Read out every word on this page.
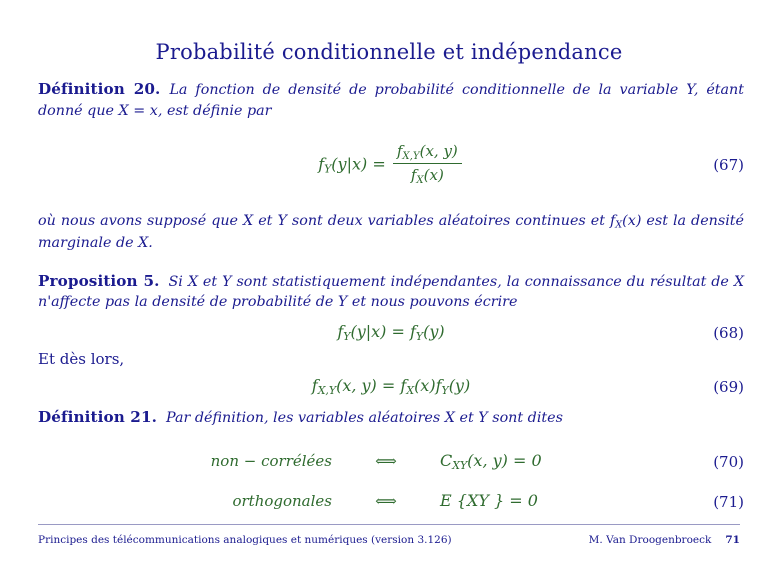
Probabilité conditionnelle et indépendance
Définition 20. La fonction de densité de probabilité conditionnelle de la variable Y, étant donné que X = x, est définie par
$f_Y(y|x) = \frac{f_{X,Y}(x, y)}{f_X(x)}$	(67)
où nous avons supposé que X et Y sont deux variables aléatoires continues et $f_X(x)$ est la densité marginale de X.
Proposition 5. Si X et Y sont statistiquement indépendantes, la connaissance du résultat de X n'affecte pas la densité de probabilité de Y et nous pouvons écrire
$f_Y(y|x) = f_Y(y)$	(68)
Et dès lors,
$f_{X,Y}(x$, $y) = f_X(x)f_Y(y)$	(69)
Définition 21. Par définition, les variables aléatoires X et Y sont dites
non − corrélées	⟺	$C_{XY}(x$, y) = 0	(70)
orthogonales	⟺	E {XY } = 0	(71)
Principes des télécommunications analogiques et numériques (version 3.126)	M. Van Droogenbroeck 71
